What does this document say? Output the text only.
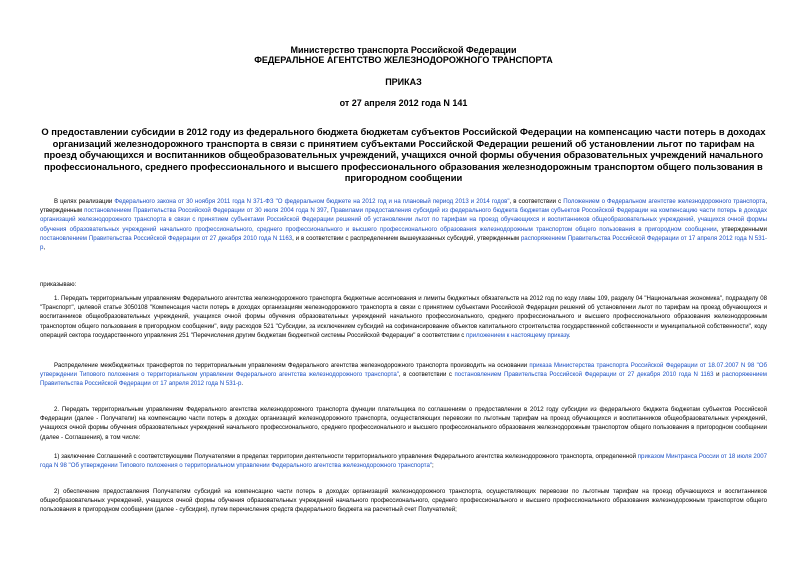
Министерство транспорта Российской Федерации
ФЕДЕРАЛЬНОЕ АГЕНТСТВО ЖЕЛЕЗНОДОРОЖНОГО ТРАНСПОРТА
ПРИКАЗ
от 27 апреля 2012 года N 141
О предоставлении субсидии в 2012 году из федерального бюджета бюджетам субъектов Российской Федерации на компенсацию части потерь в доходах организаций железнодорожного транспорта в связи с принятием субъектами Российской Федерации решений об установлении льгот по тарифам на проезд обучающихся и воспитанников общеобразовательных учреждений, учащихся очной формы обучения образовательных учреждений начального профессионального, среднего профессионального и высшего профессионального образования железнодорожным транспортом общего пользования в пригородном сообщении
В целях реализации Федерального закона от 30 ноября 2011 года N 371-ФЗ "О федеральном бюджете на 2012 год и на плановый период 2013 и 2014 годов", в соответствии с Положением о Федеральном агентстве железнодорожного транспорта, утвержденным постановлением Правительства Российской Федерации от 30 июля 2004 года N 397, Правилами предоставления субсидий из федерального бюджета бюджетам субъектов Российской Федерации на компенсацию части потерь в доходах организаций железнодорожного транспорта в связи с принятием субъектами Российской Федерации решений об установлении льгот по тарифам на проезд обучающихся и воспитанников общеобразовательных учреждений, учащихся очной формы обучения образовательных учреждений начального профессионального, среднего профессионального и высшего профессионального образования железнодорожным транспортом общего пользования в пригородном сообщении, утвержденными постановлением Правительства Российской Федерации от 27 декабря 2010 года N 1163, и в соответствии с распределением вышеуказанных субсидий, утвержденным распоряжением Правительства Российской Федерации от 17 апреля 2012 года N 531-р,
приказываю:
1. Передать территориальным управлениям Федерального агентства железнодорожного транспорта бюджетные ассигнования и лимиты бюджетных обязательств на 2012 год по коду главы 109, разделу 04 "Национальная экономика", подразделу 08 "Транспорт", целевой статье 3050108 "Компенсация части потерь в доходах организациям железнодорожного транспорта в связи с принятием субъектами Российской Федерации решений об установлении льгот по тарифам на проезд обучающихся и воспитанников общеобразовательных учреждений, учащихся очной формы обучения образовательных учреждений начального профессионального, среднего профессионального и высшего профессионального образования железнодорожным транспортом общего пользования в пригородном сообщении", виду расходов 521 "Субсидии, за исключением субсидий на софинансирование объектов капитального строительства государственной собственности и муниципальной собственности", коду операций сектора государственного управления 251 "Перечисления другим бюджетам бюджетной системы Российской Федерации" в соответствии с приложением к настоящему приказу.
Распределение межбюджетных трансфертов по территориальным управлениям Федерального агентства железнодорожного транспорта производить на основании приказа Министерства транспорта Российской Федерации от 18.07.2007 N 98 "Об утверждении Типового положения о территориальном управлении Федерального агентства железнодорожного транспорта", в соответствии с постановлением Правительства Российской Федерации от 27 декабря 2010 года N 1163 и распоряжением Правительства Российской Федерации от 17 апреля 2012 года N 531-р.
2. Передать территориальным управлениям Федерального агентства железнодорожного транспорта функции плательщика по соглашениям о предоставлении в 2012 году субсидии из федерального бюджета бюджетам субъектов Российской Федерации (далее - Получатели) на компенсацию части потерь в доходах организаций железнодорожного транспорта, осуществляющих перевозки по льготным тарифам на проезд обучающихся и воспитанников общеобразовательных учреждений, учащихся очной формы обучения образовательных учреждений начального профессионального, среднего профессионального и высшего профессионального образования железнодорожным транспортом общего пользования в пригородном сообщении (далее - Соглашения), в том числе:
1) заключение Соглашений с соответствующими Получателями в пределах территории деятельности территориального управления Федерального агентства железнодорожного транспорта, определенной приказом Минтранса России от 18 июля 2007 года N 98 "Об утверждении Типового положения о территориальном управлении Федерального агентства железнодорожного транспорта";
2) обеспечение предоставления Получателям субсидий на компенсацию части потерь в доходах организаций железнодорожного транспорта, осуществляющих перевозки по льготным тарифам на проезд обучающихся и воспитанников общеобразовательных учреждений, учащихся очной формы обучения образовательных учреждений начального профессионального, среднего профессионального и высшего профессионального образования железнодорожным транспортом общего пользования в пригородном сообщении (далее - субсидия), путем перечисления средств федерального бюджета на расчетный счет Получателей;
